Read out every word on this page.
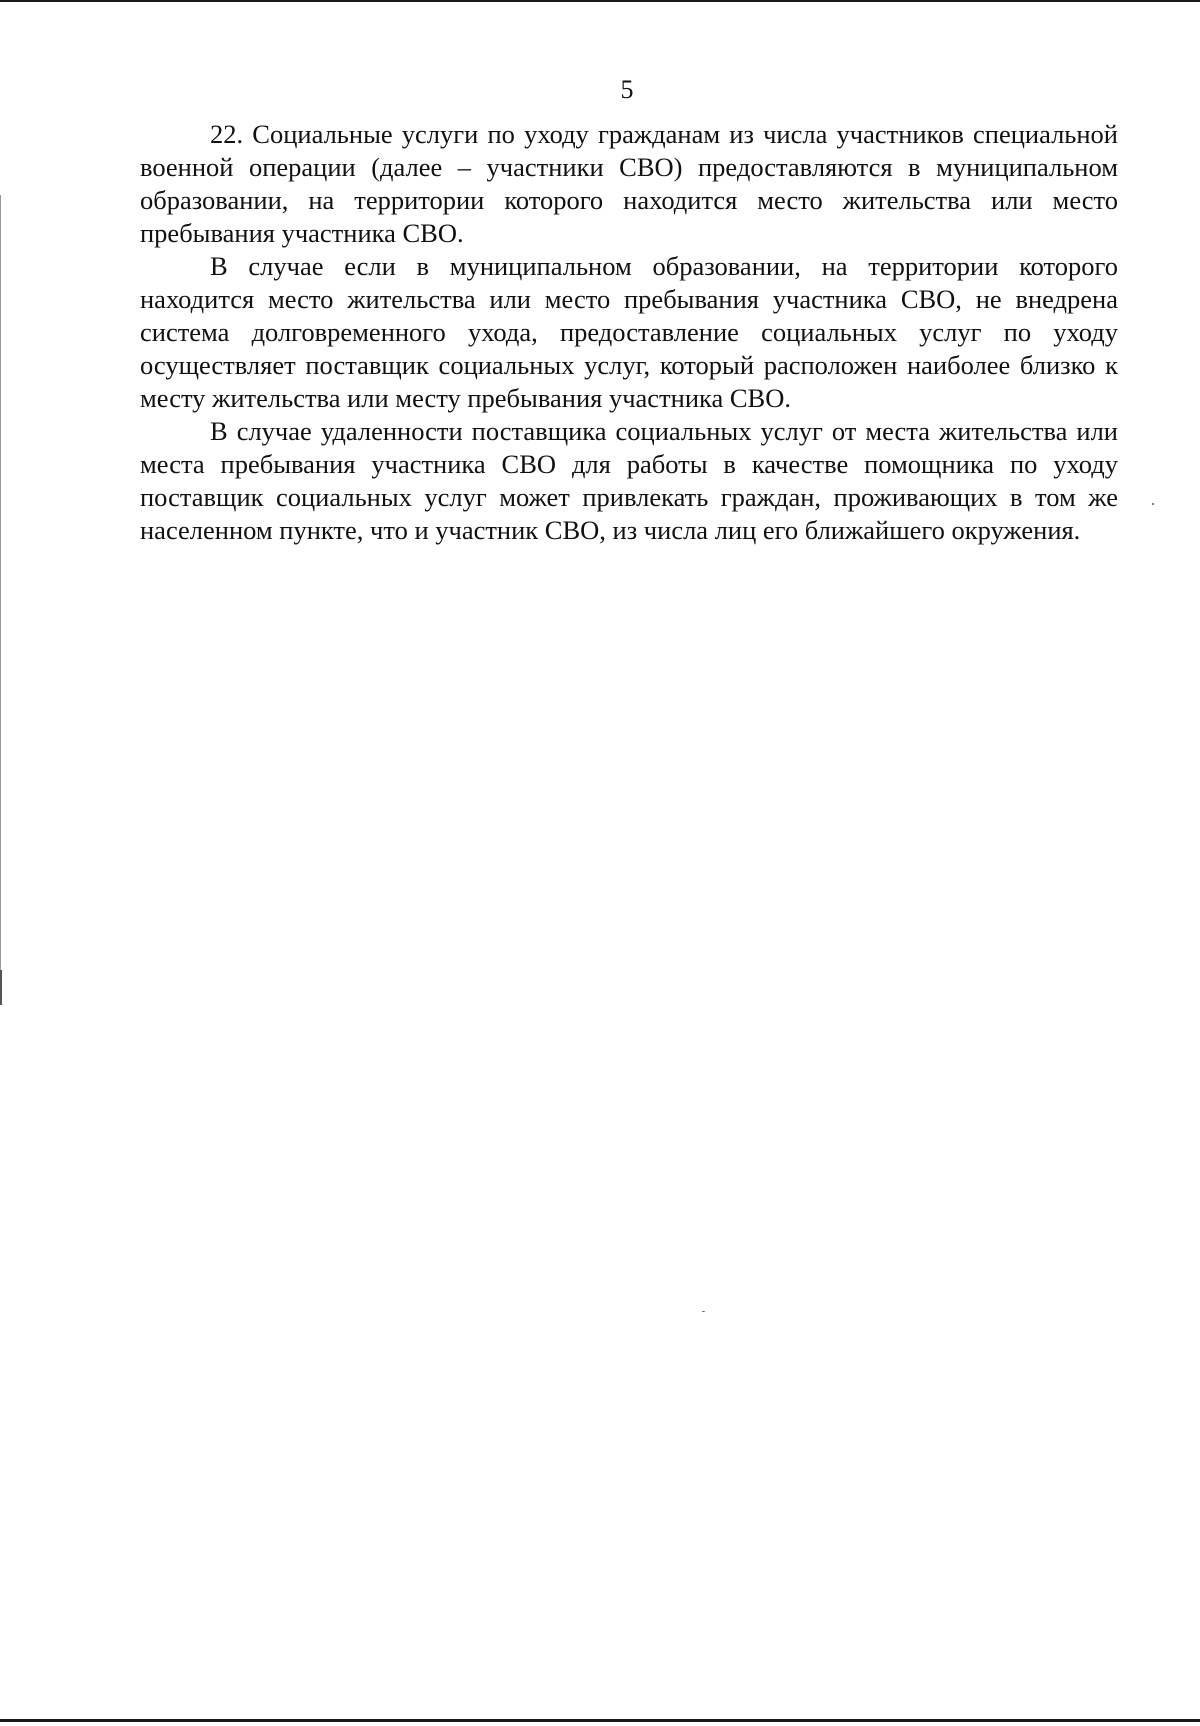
5

22. Социальные услуги по уходу гражданам из числа участников специальной военной операции (далее – участники СВО) предоставляются в муниципальном образовании, на территории которого находится место жительства или место пребывания участника СВО.

В случае если в муниципальном образовании, на территории которого находится место жительства или место пребывания участника СВО, не внедрена система долговременного ухода, предоставление социальных услуг по уходу осуществляет поставщик социальных услуг, который расположен наиболее близко к месту жительства или месту пребывания участника СВО.

В случае удаленности поставщика социальных услуг от места жительства или места пребывания участника СВО для работы в качестве помощника по уходу поставщик социальных услуг может привлекать граждан, проживающих в том же населенном пункте, что и участник СВО, из числа лиц его ближайшего окружения.
